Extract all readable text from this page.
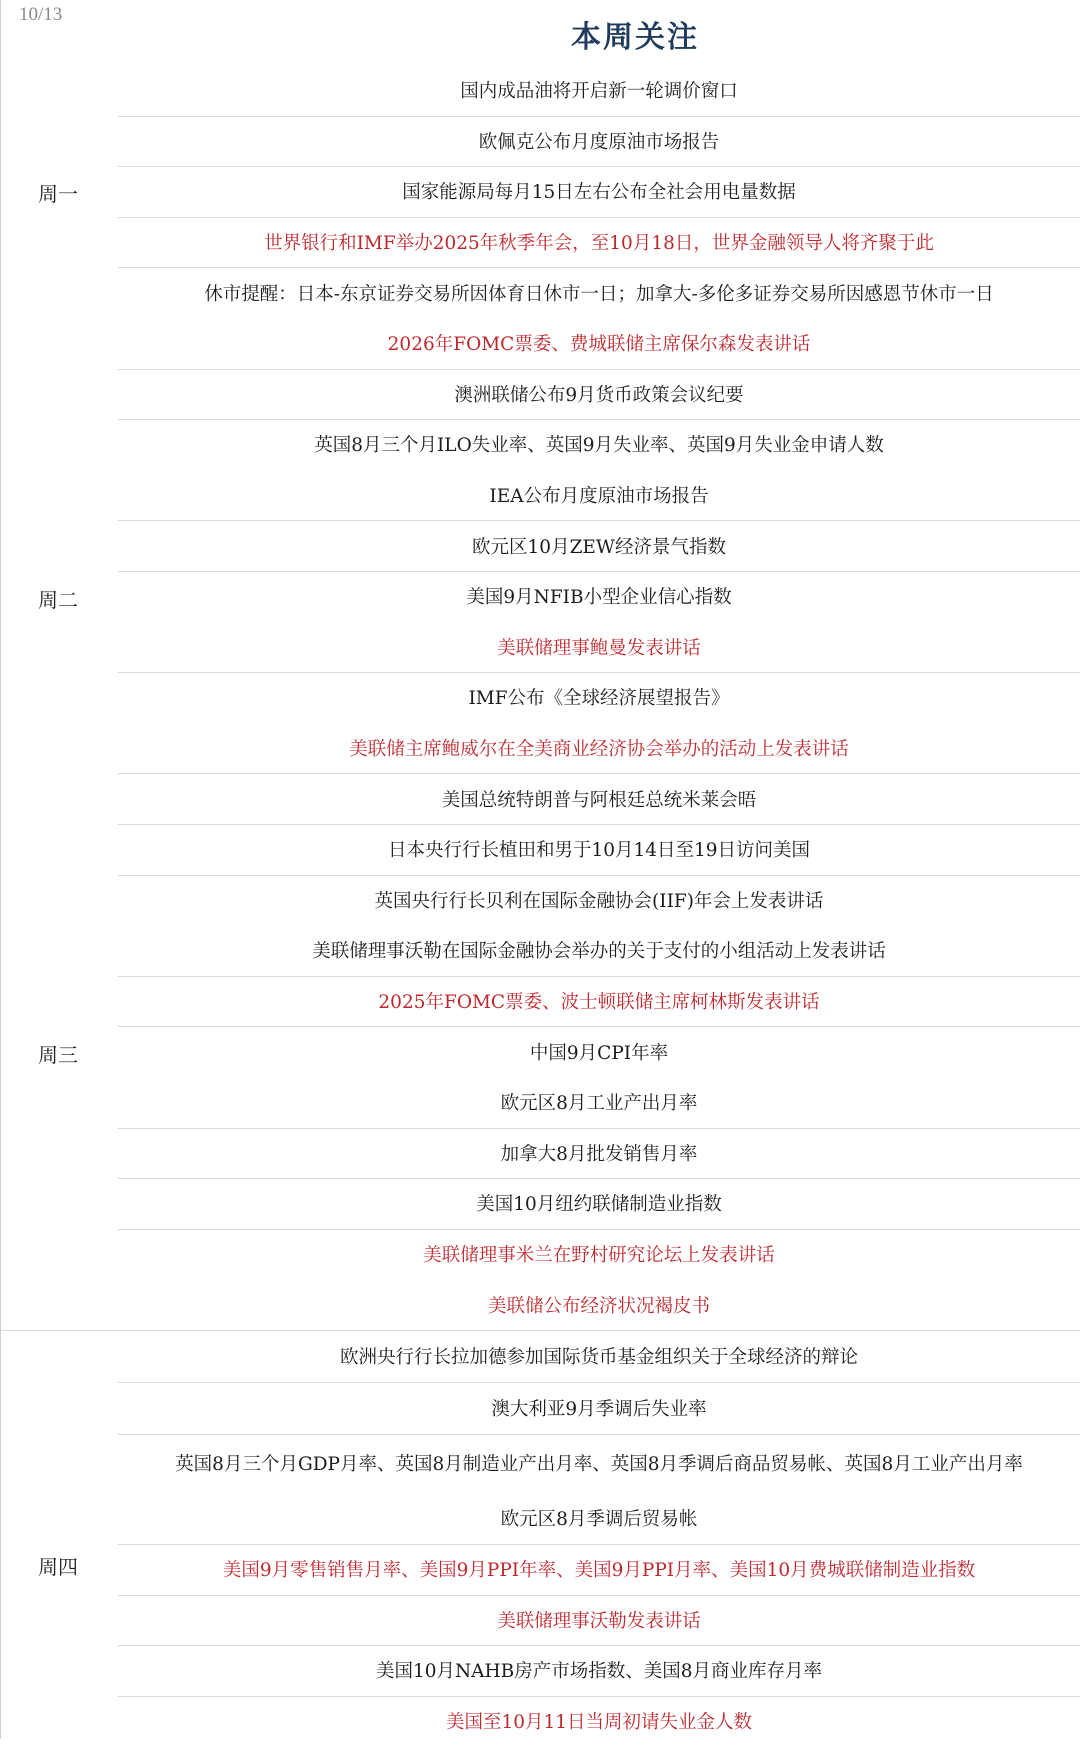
10/13
本周关注
国内成品油将开启新一轮调价窗口
欧佩克公布月度原油市场报告
国家能源局每月15日左右公布全社会用电量数据
世界银行和IMF举办2025年秋季年会，至10月18日，世界金融领导人将齐聚于此
休市提醒：日本-东京证券交易所因体育日休市一日；加拿大-多伦多证券交易所因感恩节休市一日
2026年FOMC票委、费城联储主席保尔森发表讲话
澳洲联储公布9月货币政策会议纪要
英国8月三个月ILO失业率、英国9月失业率、英国9月失业金申请人数
IEA公布月度原油市场报告
欧元区10月ZEW经济景气指数
美国9月NFIB小型企业信心指数
美联储理事鲍曼发表讲话
IMF公布《全球经济展望报告》
美联储主席鲍威尔在全美商业经济协会举办的活动上发表讲话
美国总统特朗普与阿根廷总统米莱会晤
日本央行行长植田和男于10月14日至19日访问美国
英国央行行长贝利在国际金融协会(IIF)年会上发表讲话
美联储理事沃勒在国际金融协会举办的关于支付的小组活动上发表讲话
2025年FOMC票委、波士顿联储主席柯林斯发表讲话
中国9月CPI年率
欧元区8月工业产出月率
加拿大8月批发销售月率
美国10月纽约联储制造业指数
美联储理事米兰在野村研究论坛上发表讲话
美联储公布经济状况褐皮书
欧洲央行行长拉加德参加国际货币基金组织关于全球经济的辩论
澳大利亚9月季调后失业率
英国8月三个月GDP月率、英国8月制造业产出月率、英国8月季调后商品贸易帐、英国8月工业产出月率
欧元区8月季调后贸易帐
美国9月零售销售月率、美国9月PPI年率、美国9月PPI月率、美国10月费城联储制造业指数
美联储理事沃勒发表讲话
美国10月NAHB房产市场指数、美国8月商业库存月率
美国至10月11日当周初请失业金人数
周一
周二
周三
周四
